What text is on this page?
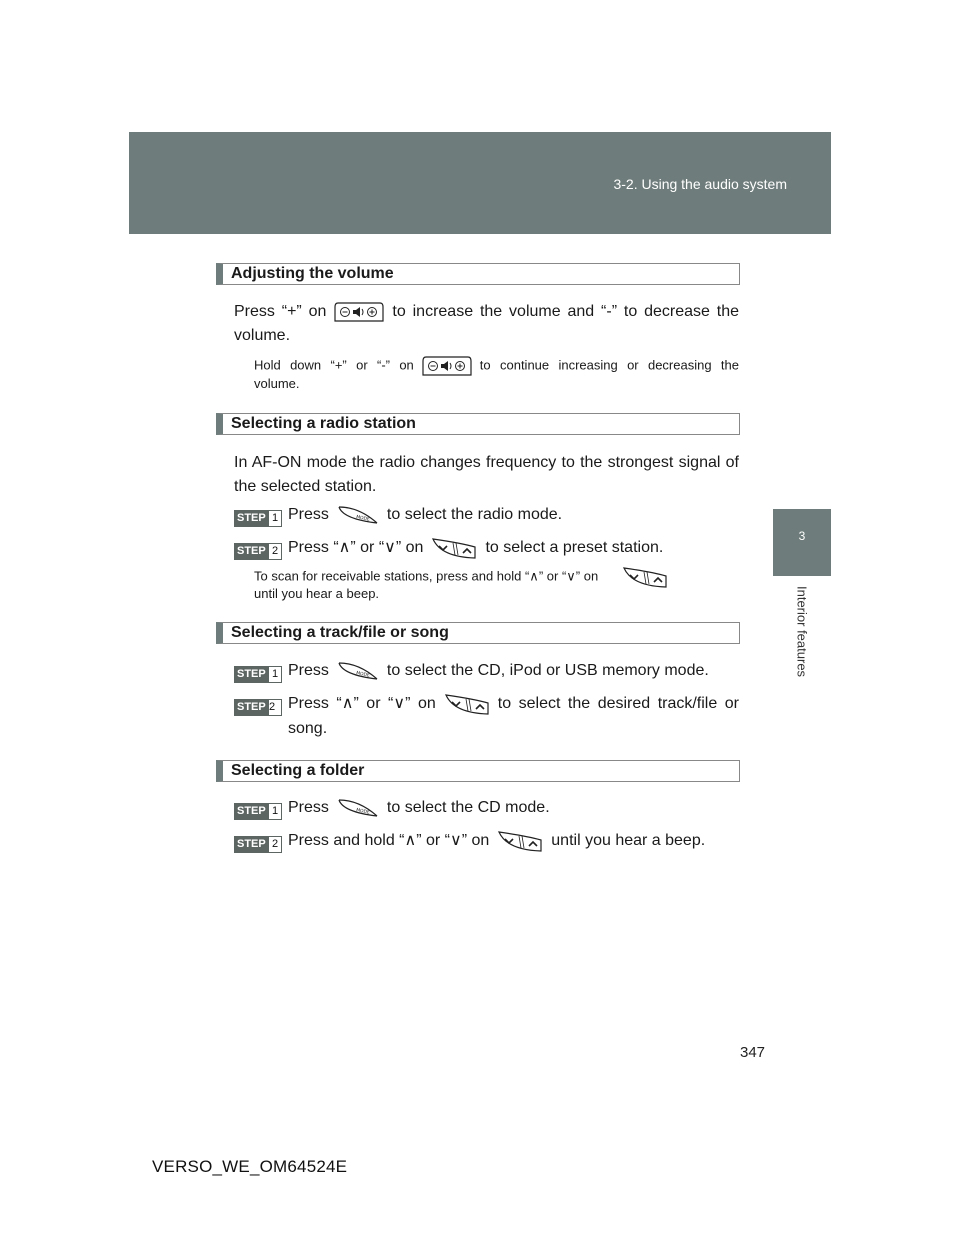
3-2. Using the audio system
3
Interior features
Adjusting the volume
Press “+” on	to increase the volume and “-” to decrease the
volume.
Hold down “+” or “-” on	to continue increasing or decreasing the
volume.
Selecting a radio station
In AF-ON mode the radio changes frequency to the strongest signal of the selected station.
STEP 1 Press	to select the radio mode.
STEP 2 Press “∧” or “∨” on	to select a preset station.
To scan for receivable stations, press and hold “∧” or “∨” on
until you hear a beep.
Selecting a track/file or song
STEP 1 Press	to select the CD, iPod or USB memory mode.
STEP 2 Press “∧” or “∨” on	to select the desired track/file or
song.
Selecting a folder
STEP 1 Press	to select the CD mode.
STEP 2 Press and hold “∧” or “∨” on	until you hear a beep.
347
VERSO_WE_OM64524E
